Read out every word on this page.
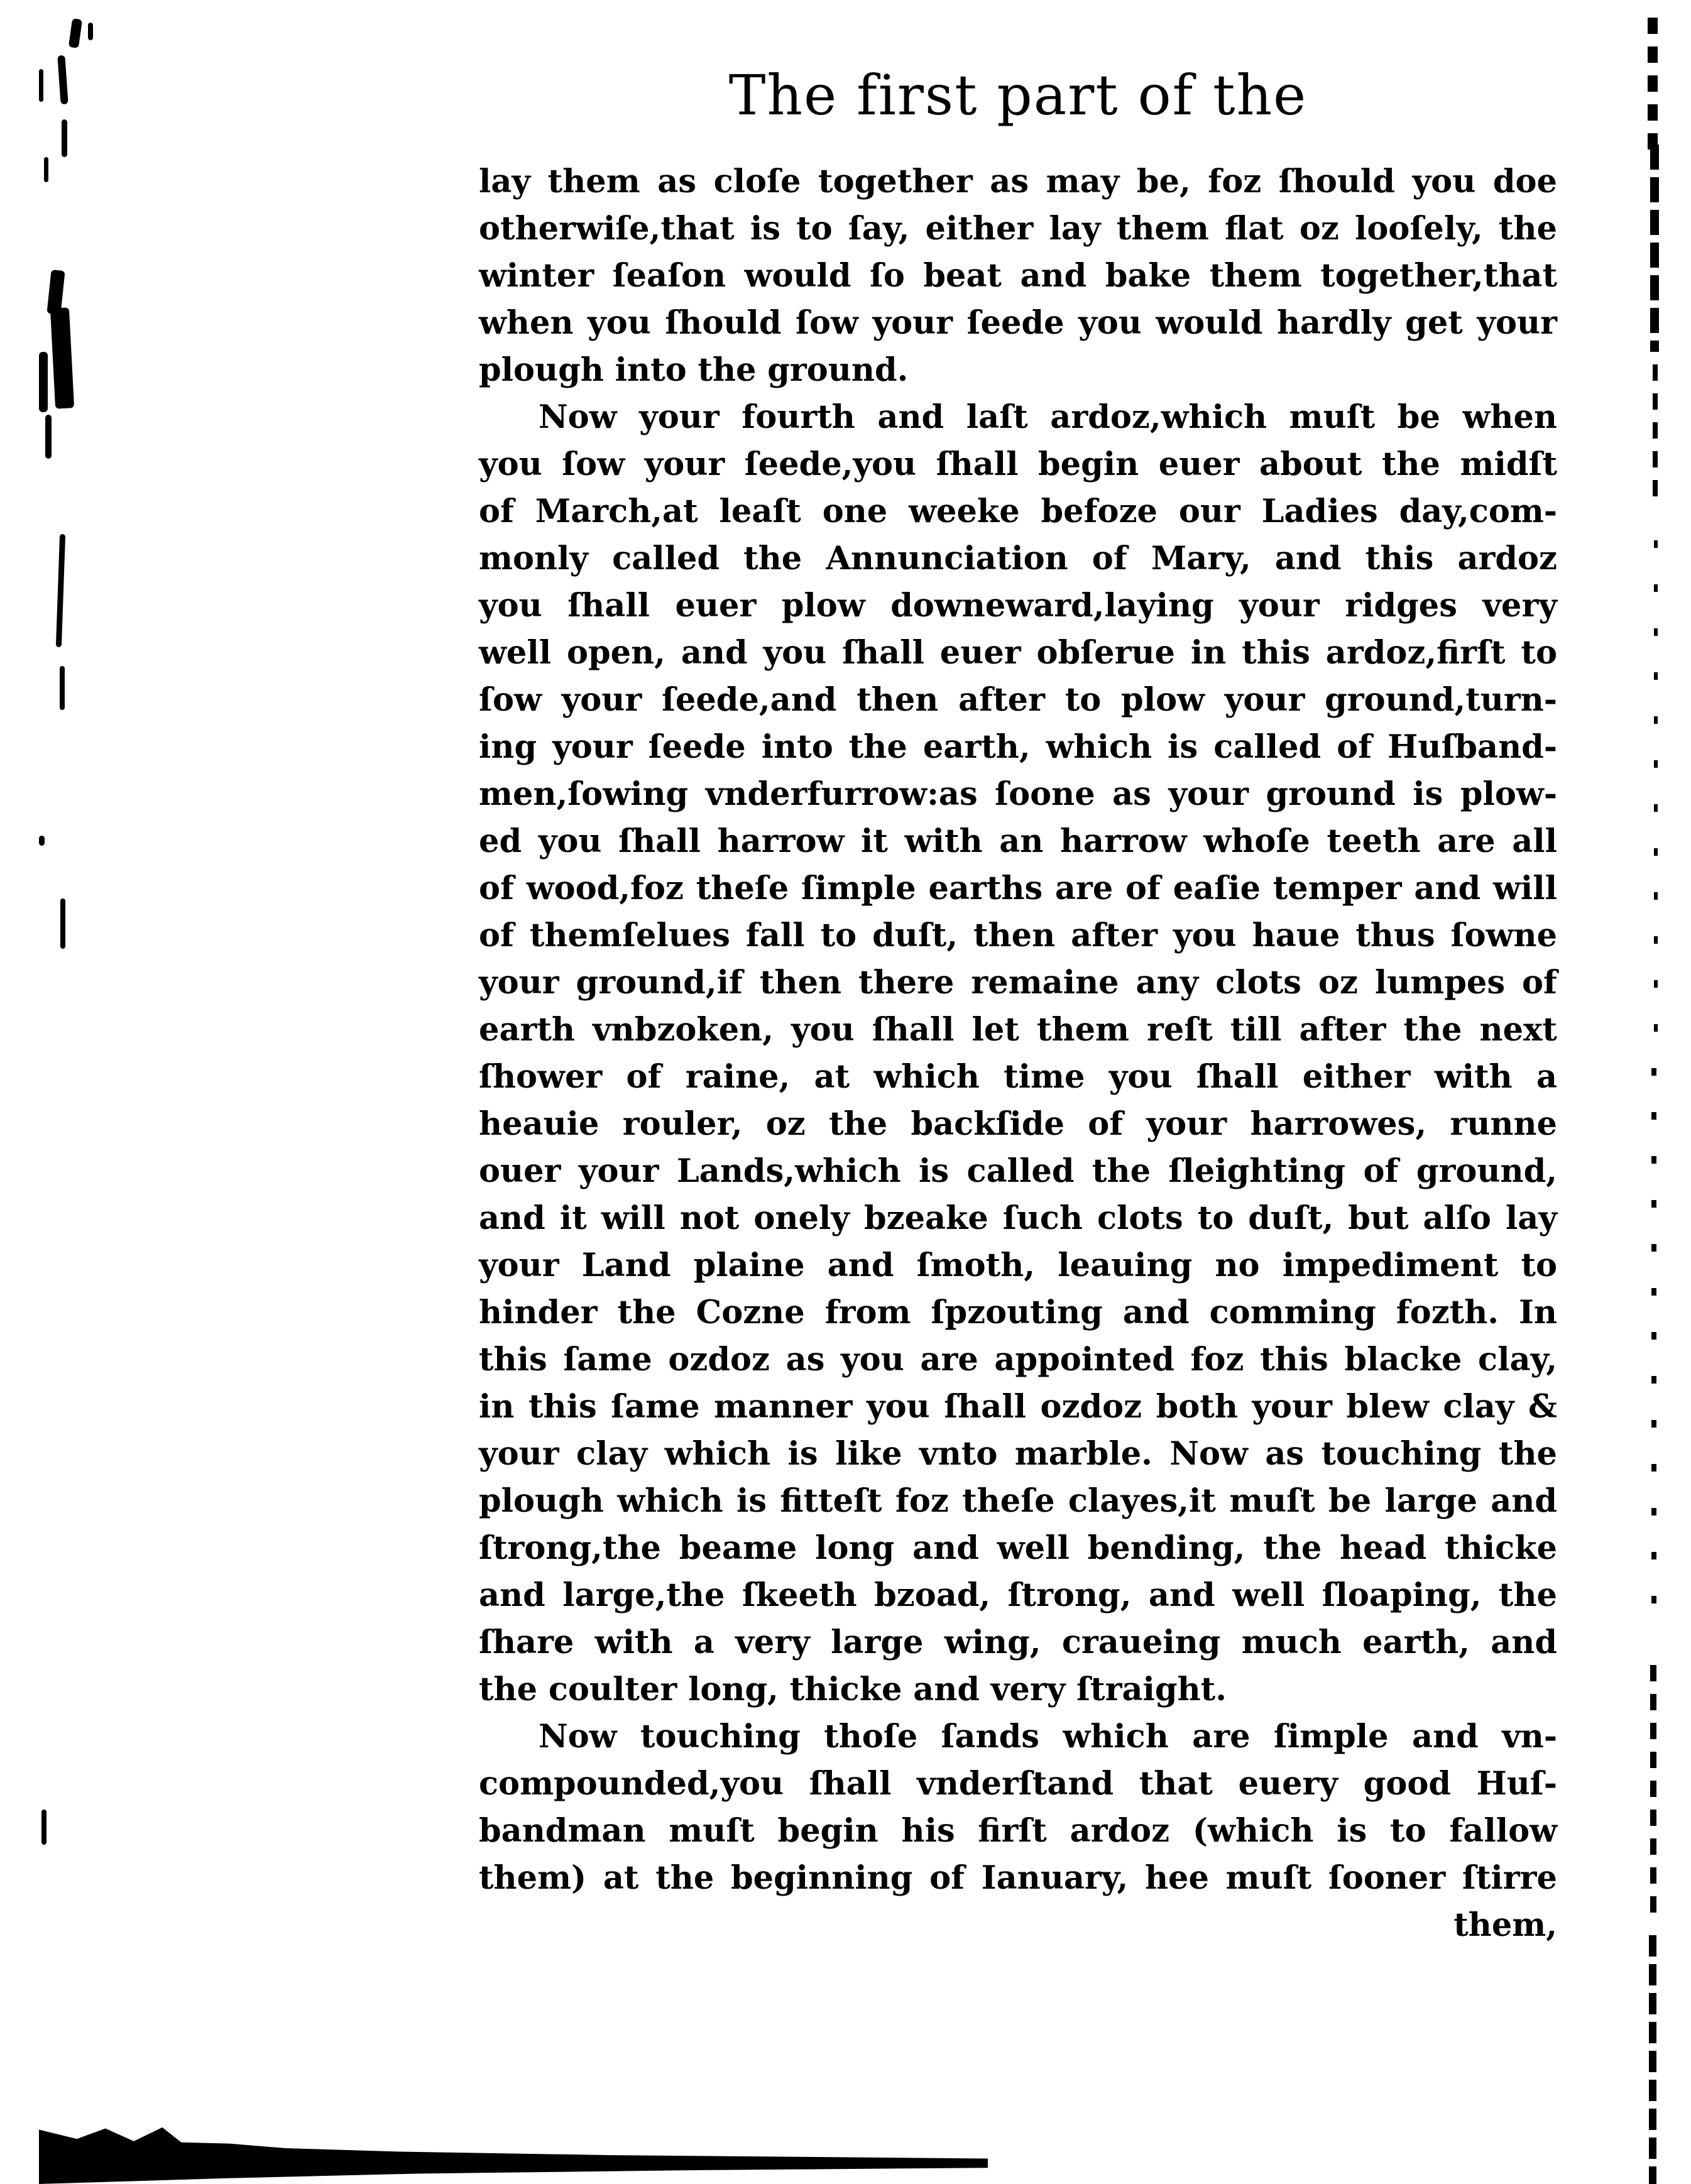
The first part of the
lay them as cloſe together as may be, foz ſhould you doe
otherwiſe,that is to ſay, either lay them flat oz looſely, the
winter ſeaſon would ſo beat and bake them together,that
when you ſhould ſow your ſeede you would hardly get your
plough into the ground.
Now your fourth and laſt ardoz,which muſt be when
you ſow your ſeede,you ſhall begin euer about the midſt
of March,at leaſt one weeke befoze our Ladies day,com-
monly called the Annunciation of Mary, and this ardoz
you ſhall euer plow downeward,laying your ridges very
well open, and you ſhall euer obſerue in this ardoz,firſt to
ſow your ſeede,and then after to plow your ground,turn-
ing your ſeede into the earth, which is called of Huſband-
men,ſowing vnderfurrow:as ſoone as your ground is plow-
ed you ſhall harrow it with an harrow whoſe teeth are all
of wood,foz theſe ſimple earths are of eaſie temper and will
of themſelues fall to duſt, then after you haue thus ſowne
your ground,if then there remaine any clots oz lumpes of
earth vnbzoken, you ſhall let them reſt till after the next
ſhower of raine, at which time you ſhall either with a
heauie rouler, oz the backſide of your harrowes, runne
ouer your Lands,which is called the ſleighting of ground,
and it will not onely bzeake ſuch clots to duſt, but alſo lay
your Land plaine and ſmoth, leauing no impediment to
hinder the Cozne from ſpzouting and comming fozth. In
this ſame ozdoz as you are appointed foz this blacke clay,
in this ſame manner you ſhall ozdoz both your blew clay &
your clay which is like vnto marble. Now as touching the
plough which is fitteſt foz theſe clayes,it muſt be large and
ſtrong,the beame long and well bending, the head thicke
and large,the ſkeeth bzoad, ſtrong, and well ſloaping, the
ſhare with a very large wing, craueing much earth, and
the coulter long, thicke and very ſtraight.
Now touching thoſe ſands which are ſimple and vn-
compounded,you ſhall vnderſtand that euery good Huſ-
bandman muſt begin his firſt ardoz (which is to fallow
them) at the beginning of Ianuary, hee muſt ſooner ſtirre
them,
